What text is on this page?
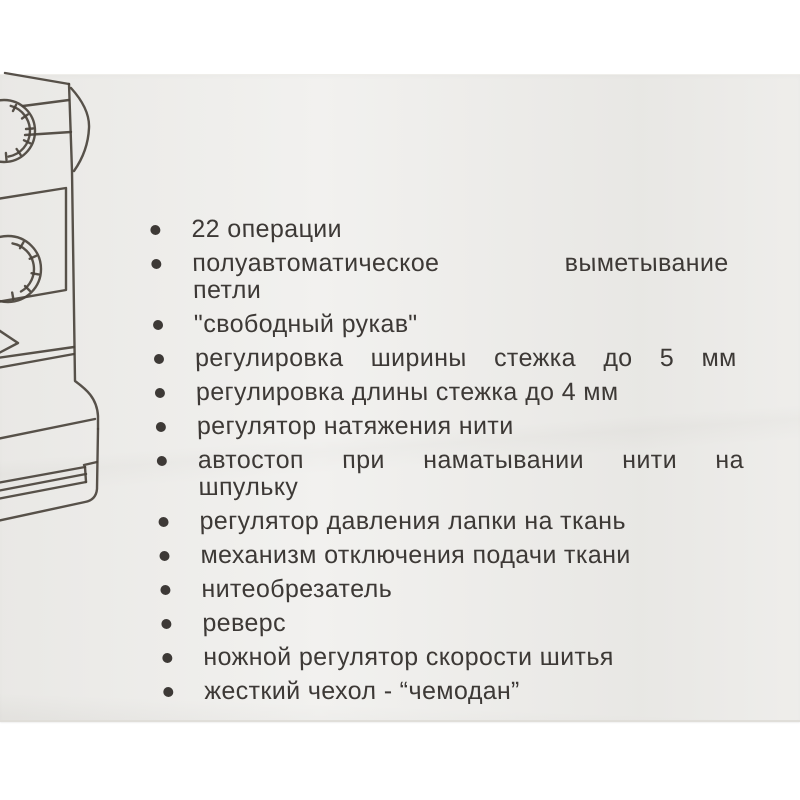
22 операции
полуавтоматическое выметывание
петли
"свободный рукав"
регулировка ширины стежка до 5 мм
регулировка длины стежка до 4 мм
регулятор натяжения нити
автостоп при наматывании нити на
шпульку
регулятор давления лапки на ткань
механизм отключения подачи ткани
нитеобрезатель
реверс
ножной регулятор скорости шитья
жесткий чехол - “чемодан”
